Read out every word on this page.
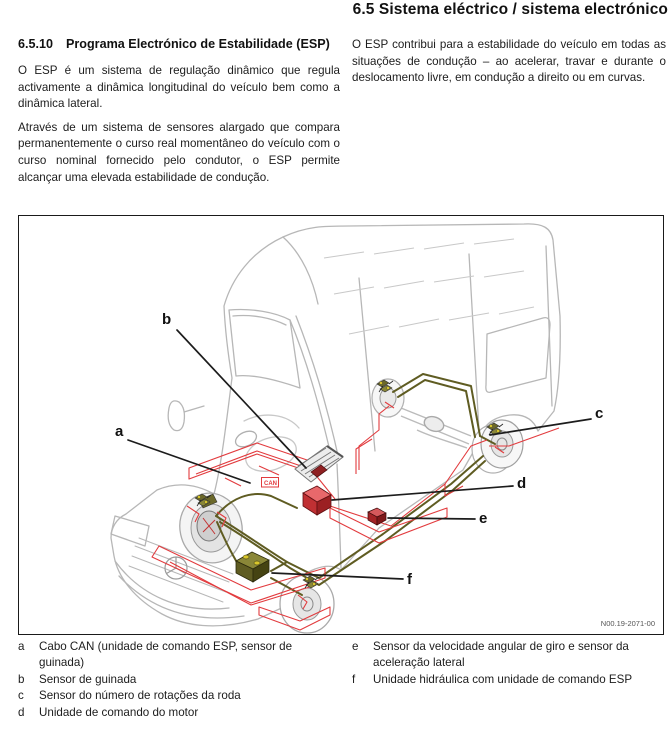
6.5 Sistema eléctrico / sistema electrónico
6.5.10	Programa Electrónico de Estabilidade (ESP)

O ESP é um sistema de regulação dinâmico que regula activamente a dinâmica longitudinal do veículo bem como a dinâmica lateral.

Através de um sistema de sensores alargado que compara permanentemente o curso real momentâneo do veículo com o curso nominal fornecido pelo condutor, o ESP permite alcançar uma elevada estabilidade de condução.

O ESP contribui para a estabilidade do veículo em todas as situações de condução – ao acelerar, travar e durante o deslocamento livre, em condução a direito ou em curvas.

CAN
a
b
c
d
e
f
N00.19-2071-00
a	Cabo CAN (unidade de comando ESP, sensor de guinada)
b	Sensor de guinada
c	Sensor do número de rotações da roda
d	Unidade de comando do motor
e	Sensor da velocidade angular de giro e sensor da aceleração lateral
f	Unidade hidráulica com unidade de comando ESP
